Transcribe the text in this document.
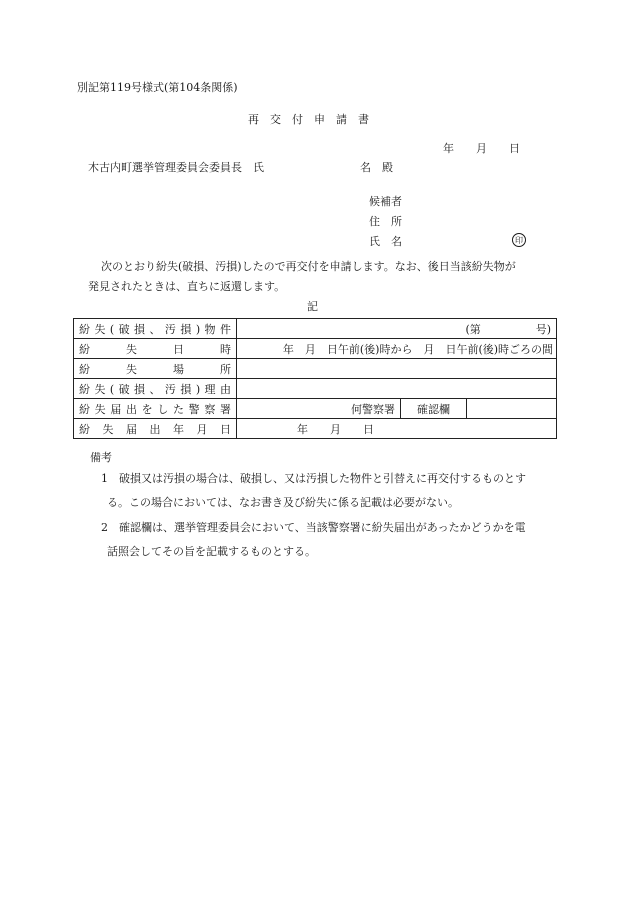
別記第119号様式(第104条関係)
再　交　付　申　請　書
年　　月　　日
木古内町選挙管理委員会委員長　氏	名　殿
候補者
住　所
氏　名	印
次のとおり紛失(破損、汚損)したので再交付を申請します。なお、後日当該紛失物が
発見されたときは、直ちに返還します。
記
紛失(破損、汚損)物件	(第　　　　　号)		
紛　　失　　日　　時	年　月　日午前(後)時から　月　日午前(後)時ごろの間		
紛　　失　　場　　所			
紛失(破損、汚損)理由			
紛失届出をした警察署	何警察署	確認欄	
紛　失　届　出　年　月　日	年　　月　　日		
備考
1　破損又は汚損の場合は、破損し、又は汚損した物件と引替えに再交付するものとす
る。この場合においては、なお書き及び紛失に係る記載は必要がない。
2　確認欄は、選挙管理委員会において、当該警察署に紛失届出があったかどうかを電
話照会してその旨を記載するものとする。
